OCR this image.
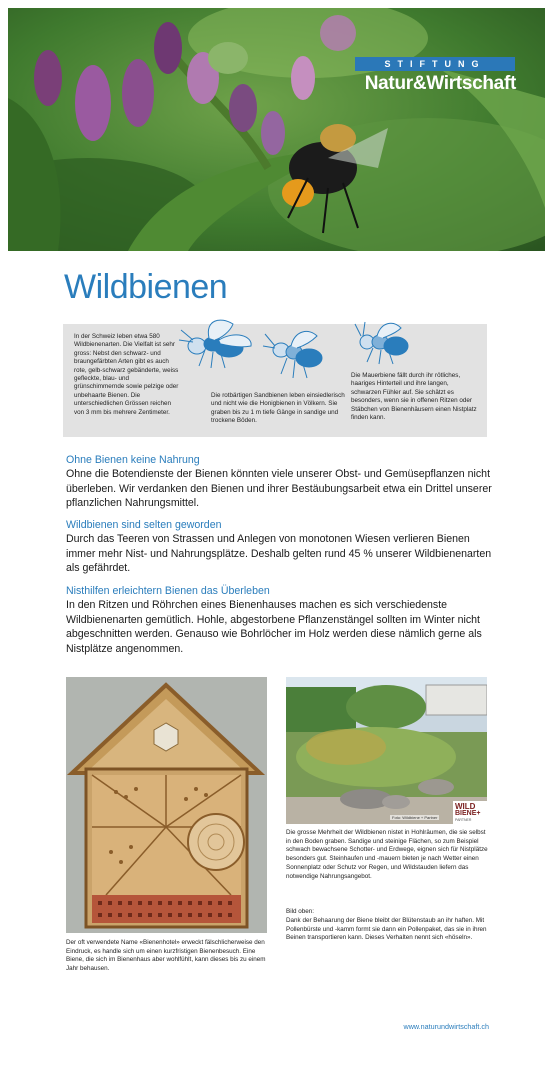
STIFTUNG
Natur&Wirtschaft
Wildbienen
In der Schweiz leben etwa 580 Wildbienenarten. Die Vielfalt ist sehr gross: Nebst den schwarz- und braungefärbten Arten gibt es auch rote, gelb-schwarz gebänderte, weiss gefleckte, blau- und grünschimmernde sowie pelzige oder unbehaarte Bienen. Die unterschiedlichen Grössen reichen von 3 mm bis mehrere Zentimeter.
Die rotbärtigen Sandbienen leben einsiedlerisch und nicht wie die Honigbienen in Völkern. Sie graben bis zu 1 m tiefe Gänge in sandige und trockene Böden.
Die Mauerbiene fällt durch ihr rötliches, haariges Hinterteil und ihre langen, schwarzen Fühler auf. Sie schätzt es besonders, wenn sie in offenen Ritzen oder Stäbchen von Bienenhäusern einen Nistplatz finden kann.
Ohne Bienen keine Nahrung
Ohne die Botendienste der Bienen könnten viele unserer Obst- und Gemüsepflanzen nicht überleben. Wir verdanken den Bienen und ihrer Bestäubungsarbeit etwa ein Drittel unserer pflanzlichen Nahrungsmittel.
Wildbienen sind selten geworden
Durch das Teeren von Strassen und Anlegen von monotonen Wiesen verlieren Bienen immer mehr Nist- und Nahrungsplätze. Deshalb gelten rund 45 % unserer Wildbienenarten als gefährdet.
Nisthilfen erleichtern Bienen das Überleben
In den Ritzen und Röhrchen eines Bienenhauses machen es sich verschiedenste Wildbienenarten gemütlich. Hohle, abgestorbene Pflanzenstängel sollten im Winter nicht abgeschnitten werden. Genauso wie Bohrlöcher im Holz werden diese nämlich gerne als Nistplätze angenommen.
Foto: Wildbiene + Partner
WILD
BIENE+
PARTNER
Der oft verwendete Name «Bienenhotel» erweckt fälschlicherweise den Eindruck, es handle sich um einen kurzfristigen Bienenbesuch. Eine Biene, die sich im Bienenhaus aber wohlfühlt, kann dieses bis zu einem Jahr behausen.
Die grosse Mehrheit der Wildbienen nistet in Hohlräumen, die sie selbst in den Boden graben. Sandige und steinige Flächen, so zum Beispiel schwach bewachsene Schotter- und Erdwege, eignen sich für Nistplätze besonders gut. Steinhaufen und -mauern bieten je nach Wetter einen Sonnenplatz oder Schutz vor Regen, und Wildstauden liefern das notwendige Nahrungsangebot.
Bild oben:
Dank der Behaarung der Biene bleibt der Blütenstaub an ihr haften. Mit Pollenbürste und -kamm formt sie dann ein Pollenpaket, das sie in ihren Beinen transportieren kann. Dieses Verhalten nennt sich «höseln».
www.naturundwirtschaft.ch
